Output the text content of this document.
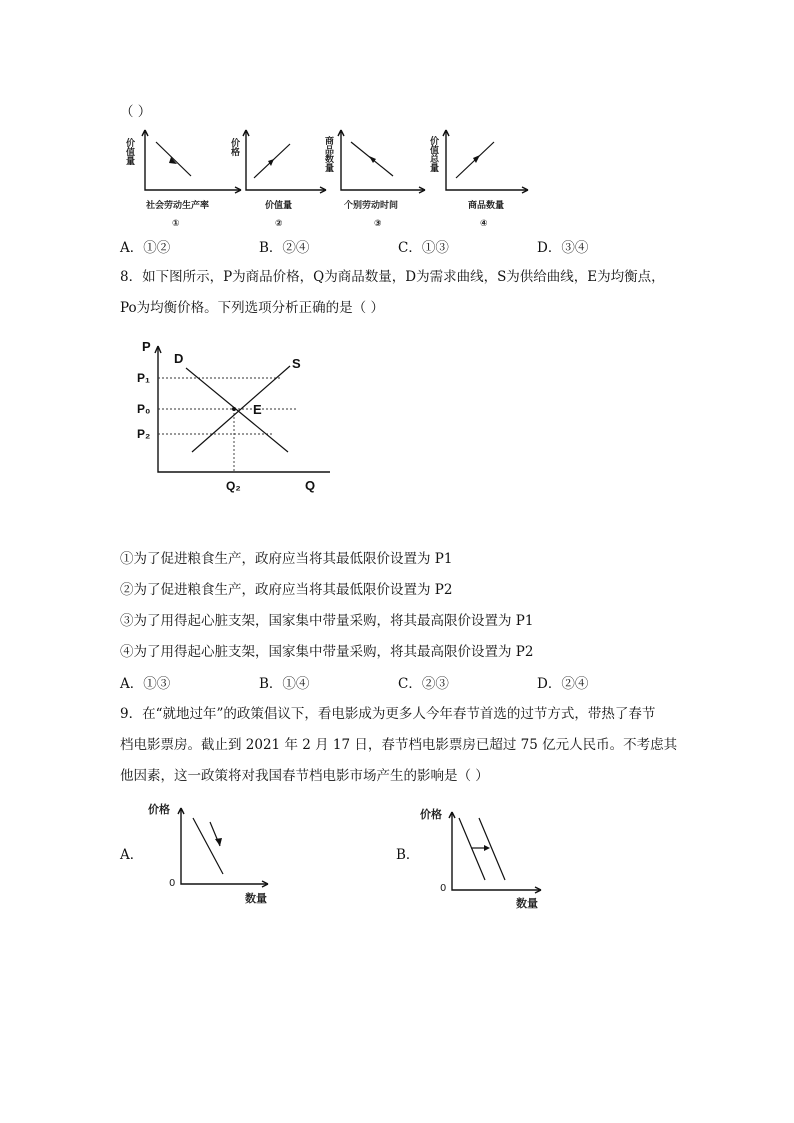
（ ）
价值量
社会劳动生产率
①
价格
价值量
②
商品数量
个别劳动时间
③
价值总量
商品数量
④
A．①②	B．②④	C．①③	D．③④
8．如下图所示，P为商品价格，Q为商品数量，D为需求曲线，S为供给曲线，E为均衡点，
Po为均衡价格。下列选项分析正确的是（ ）
P
D	S
E
P₁
P₀
P₂
Q₂	Q
①为了促进粮食生产，政府应当将其最低限价设置为 P1
②为了促进粮食生产，政府应当将其最低限价设置为 P2
③为了用得起心脏支架，国家集中带量采购，将其最高限价设置为 P1
④为了用得起心脏支架，国家集中带量采购，将其最高限价设置为 P2
A．①③	B．①④	C．②③	D．②④
9．在“就地过年”的政策倡议下，看电影成为更多人今年春节首选的过节方式，带热了春节
档电影票房。截止到 2021 年 2 月 17 日，春节档电影票房已超过 75 亿元人民币。不考虑其
他因素，这一政策将对我国春节档电影市场产生的影响是（ ）
A．
价格
0
数量
B．
价格
0
数量
